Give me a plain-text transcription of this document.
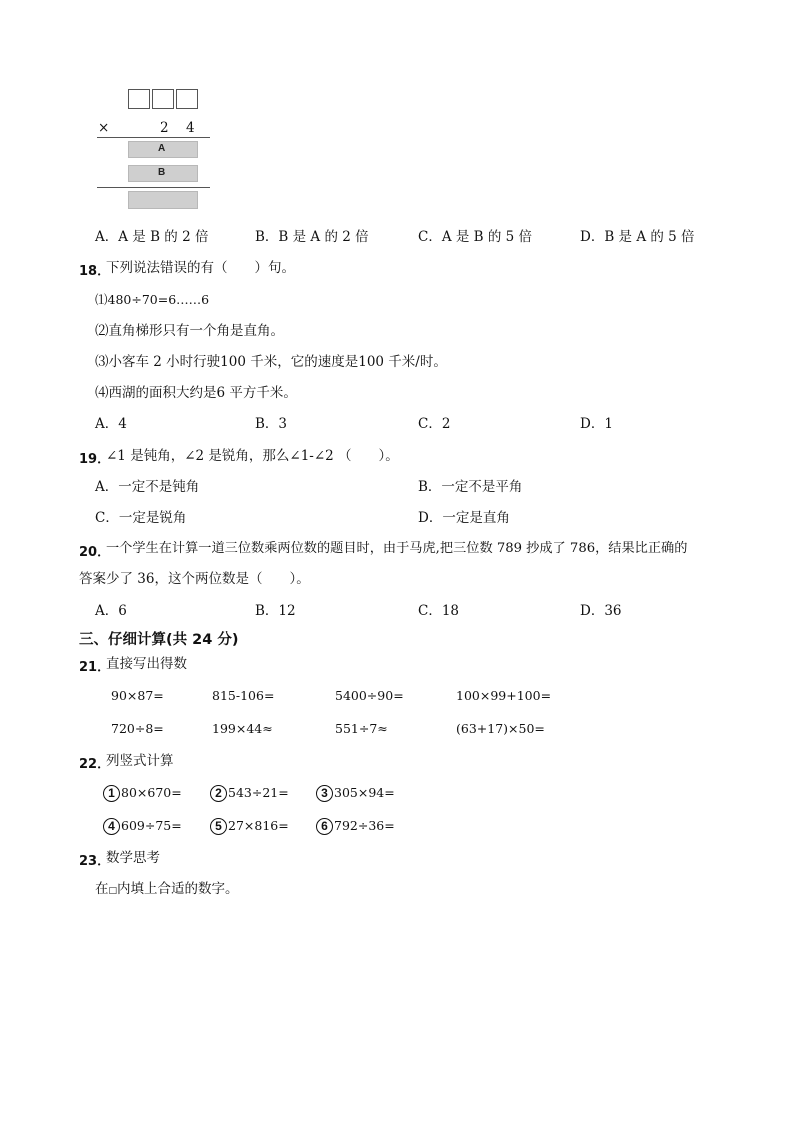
×	2 4
A
B
A．A 是 B 的 2 倍	B．B 是 A 的 2 倍	C．A 是 B 的 5 倍	D．B 是 A 的 5 倍
18．
下列说法错误的有（　　）句。
⑴480÷70=6……6
⑵直角梯形只有一个角是直角。
⑶小客车 2 小时行驶100 千米，它的速度是100 千米/时。
⑷西湖的面积大约是6 平方千米。
A．4	B．3	C．2	D．1
19．
∠1 是钝角，∠2 是锐角，那么∠1-∠2 （　　）。
A．一定不是钝角	B．一定不是平角
C．一定是锐角	D．一定是直角
20．
一个学生在计算一道三位数乘两位数的题目时，由于马虎,把三位数 789 抄成了 786，结果比正确的
答案少了 36，这个两位数是（　　）。
A．6	B．12	C．18	D．36
三、仔细计算(共 24 分)
21．
直接写出得数
90×87=	815-106=	5400÷90=	100×99+100=
720÷8=	199×44≈	551÷7≈	(63+17)×50=
22．
列竖式计算
1 80×670=	2 543÷21=	3 305×94=
4 609÷75=	5 27×816=	6 792÷36=
23．
数学思考
在□内填上合适的数字。
